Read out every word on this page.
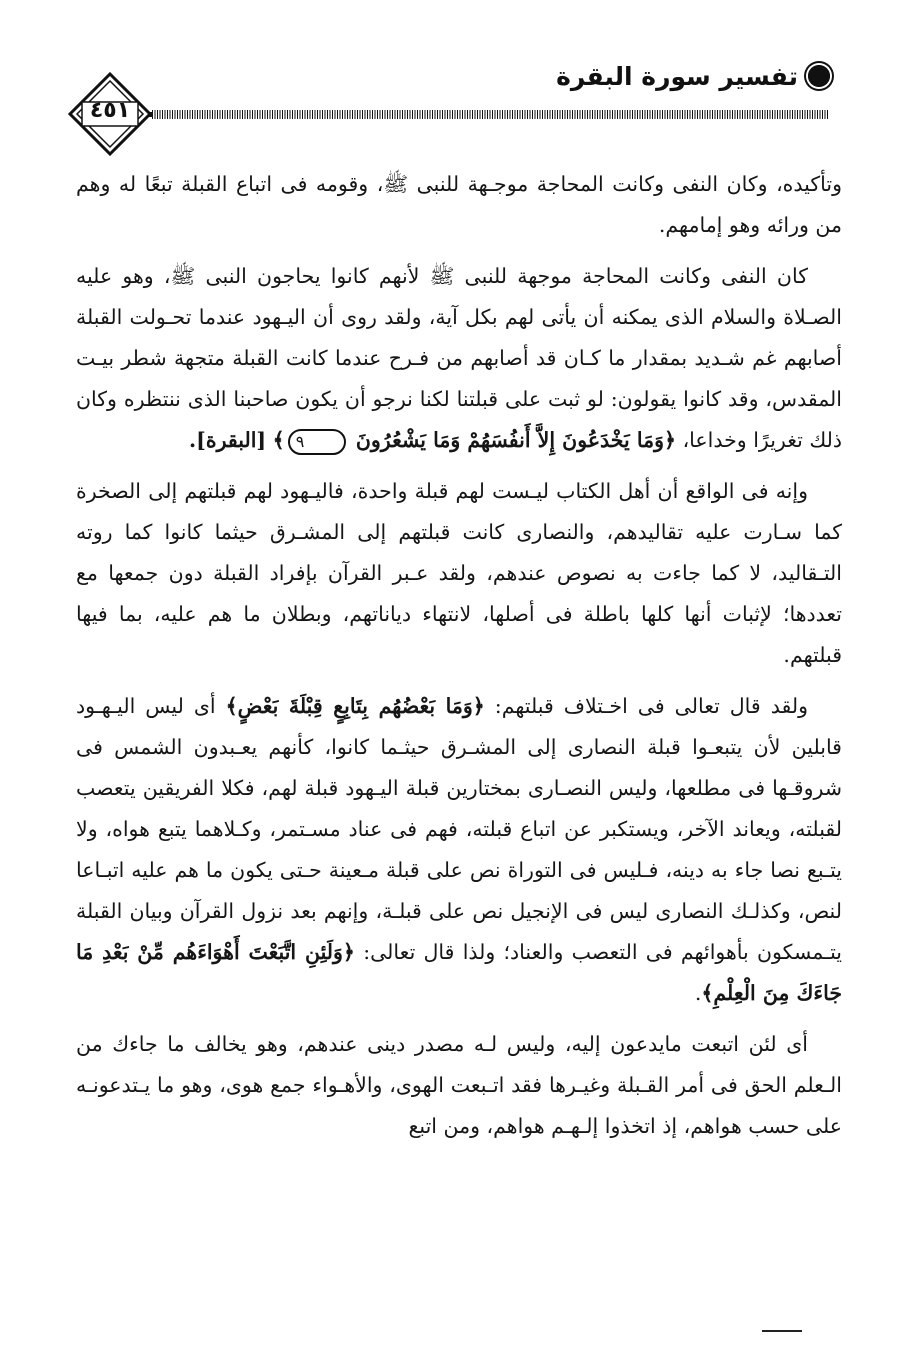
تفسير سورة البقرة
٤٥١

وتأكيده، وكان النفى وكانت المحاجة موجـهة للنبى ﷺ، وقومه فى اتباع القبلة تبعًا له وهم من ورائه وهو إمامهم.

كان النفى وكانت المحاجة موجهة للنبى ﷺ لأنهم كانوا يحاجون النبى ﷺ، وهو عليه الصـلاة والسلام الذى يمكنه أن يأتى لهم بكل آية، ولقد روى أن اليـهود عندما تحـولت القبلة أصابهم غم شـديد بمقدار ما كـان قد أصابهم من فـرح عندما كانت القبلة متجهة شطر بيـت المقدس، وقد كانوا يقولون: لو ثبت على قبلتنا لكنا نرجو أن يكون صاحبنا الذى ننتظره وكان ذلك تغريرًا وخداعا، ﴿وَمَا يَخْدَعُونَ إِلاَّ أَنفُسَهُمْ وَمَا يَشْعُرُونَ ٩﴾ [البقرة].

وإنه فى الواقع أن أهل الكتاب ليـست لهم قبلة واحدة، فاليـهود لهم قبلتهم إلى الصخرة كما سـارت عليه تقاليدهم، والنصارى كانت قبلتهم إلى المشـرق حيثما كانوا كما روته التـقاليد، لا كما جاءت به نصوص عندهم، ولقد عـبر القرآن بإفراد القبلة دون جمعها مع تعددها؛ لإثبات أنها كلها باطلة فى أصلها، لانتهاء دياناتهم، وبطلان ما هم عليه، بما فيها قبلتهم.

ولقد قال تعالى فى اخـتلاف قبلتهم: ﴿وَمَا بَعْضُهُم بِتَابِعٍ قِبْلَةَ بَعْضٍ﴾ أى ليس اليـهـود قابلين لأن يتبعـوا قبلة النصارى إلى المشـرق حيثـما كانوا، كأنهم يعـبدون الشمس فى شروقـها فى مطلعها، وليس النصـارى بمختارين قبلة اليـهود قبلة لهم، فكلا الفريقين يتعصب لقبلته، ويعاند الآخر، ويستكبر عن اتباع قبلته، فهم فى عناد مسـتمر، وكـلاهما يتبع هواه، ولا يتـبع نصا جاء به دينه، فـليس فى التوراة نص على قبلة مـعينة حـتى يكون ما هم عليه اتبـاعا لنص، وكذلـك النصارى ليس فى الإنجيل نص على قبلـة، وإنهم بعد نزول القرآن وبيان القبلة يتـمسكون بأهوائهم فى التعصب والعناد؛ ولذا قال تعالى: ﴿وَلَئِنِ اتَّبَعْتَ أَهْوَاءَهُم مِّنْ بَعْدِ مَا جَاءَكَ مِنَ الْعِلْمِ﴾.

أى لئن اتبعت مايدعون إليه، وليس لـه مصدر دينى عندهم، وهو يخالف ما جاءك من الـعلم الحق فى أمر القـبلة وغيـرها فقد اتـبعت الهوى، والأهـواء جمع هوى، وهو ما يـتدعونـه على حسب هواهم، إذ اتخذوا إلـهـم هواهم، ومن اتبع
